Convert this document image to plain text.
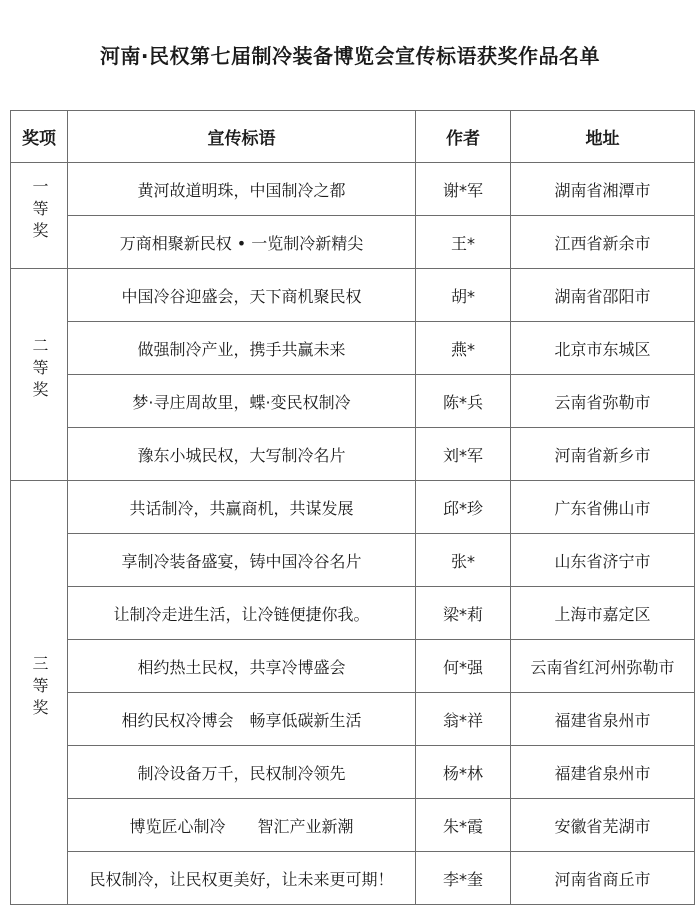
河南·民权第七届制冷装备博览会宣传标语获奖作品名单
奖项	宣传标语	作者	地址
一等奖	黄河故道明珠，中国制冷之都	谢*军	湖南省湘潭市
	万商相聚新民权 • 一览制冷新精尖	王*	江西省新余市
二等奖	中国冷谷迎盛会，天下商机聚民权	胡*	湖南省邵阳市
	做强制冷产业，携手共赢未来	燕*	北京市东城区
	梦·寻庄周故里，蝶·变民权制冷	陈*兵	云南省弥勒市
	豫东小城民权，大写制冷名片	刘*军	河南省新乡市
三等奖	共话制冷，共赢商机，共谋发展	邱*珍	广东省佛山市
	享制冷装备盛宴，铸中国冷谷名片	张*	山东省济宁市
	让制冷走进生活，让冷链便捷你我。	梁*莉	上海市嘉定区
	相约热土民权，共享冷博盛会	何*强	云南省红河州弥勒市
	相约民权冷博会　畅享低碳新生活	翁*祥	福建省泉州市
	制冷设备万千，民权制冷领先	杨*林	福建省泉州市
	博览匠心制冷　　智汇产业新潮	朱*霞	安徽省芜湖市
	民权制冷，让民权更美好，让未来更可期！	李*奎	河南省商丘市
